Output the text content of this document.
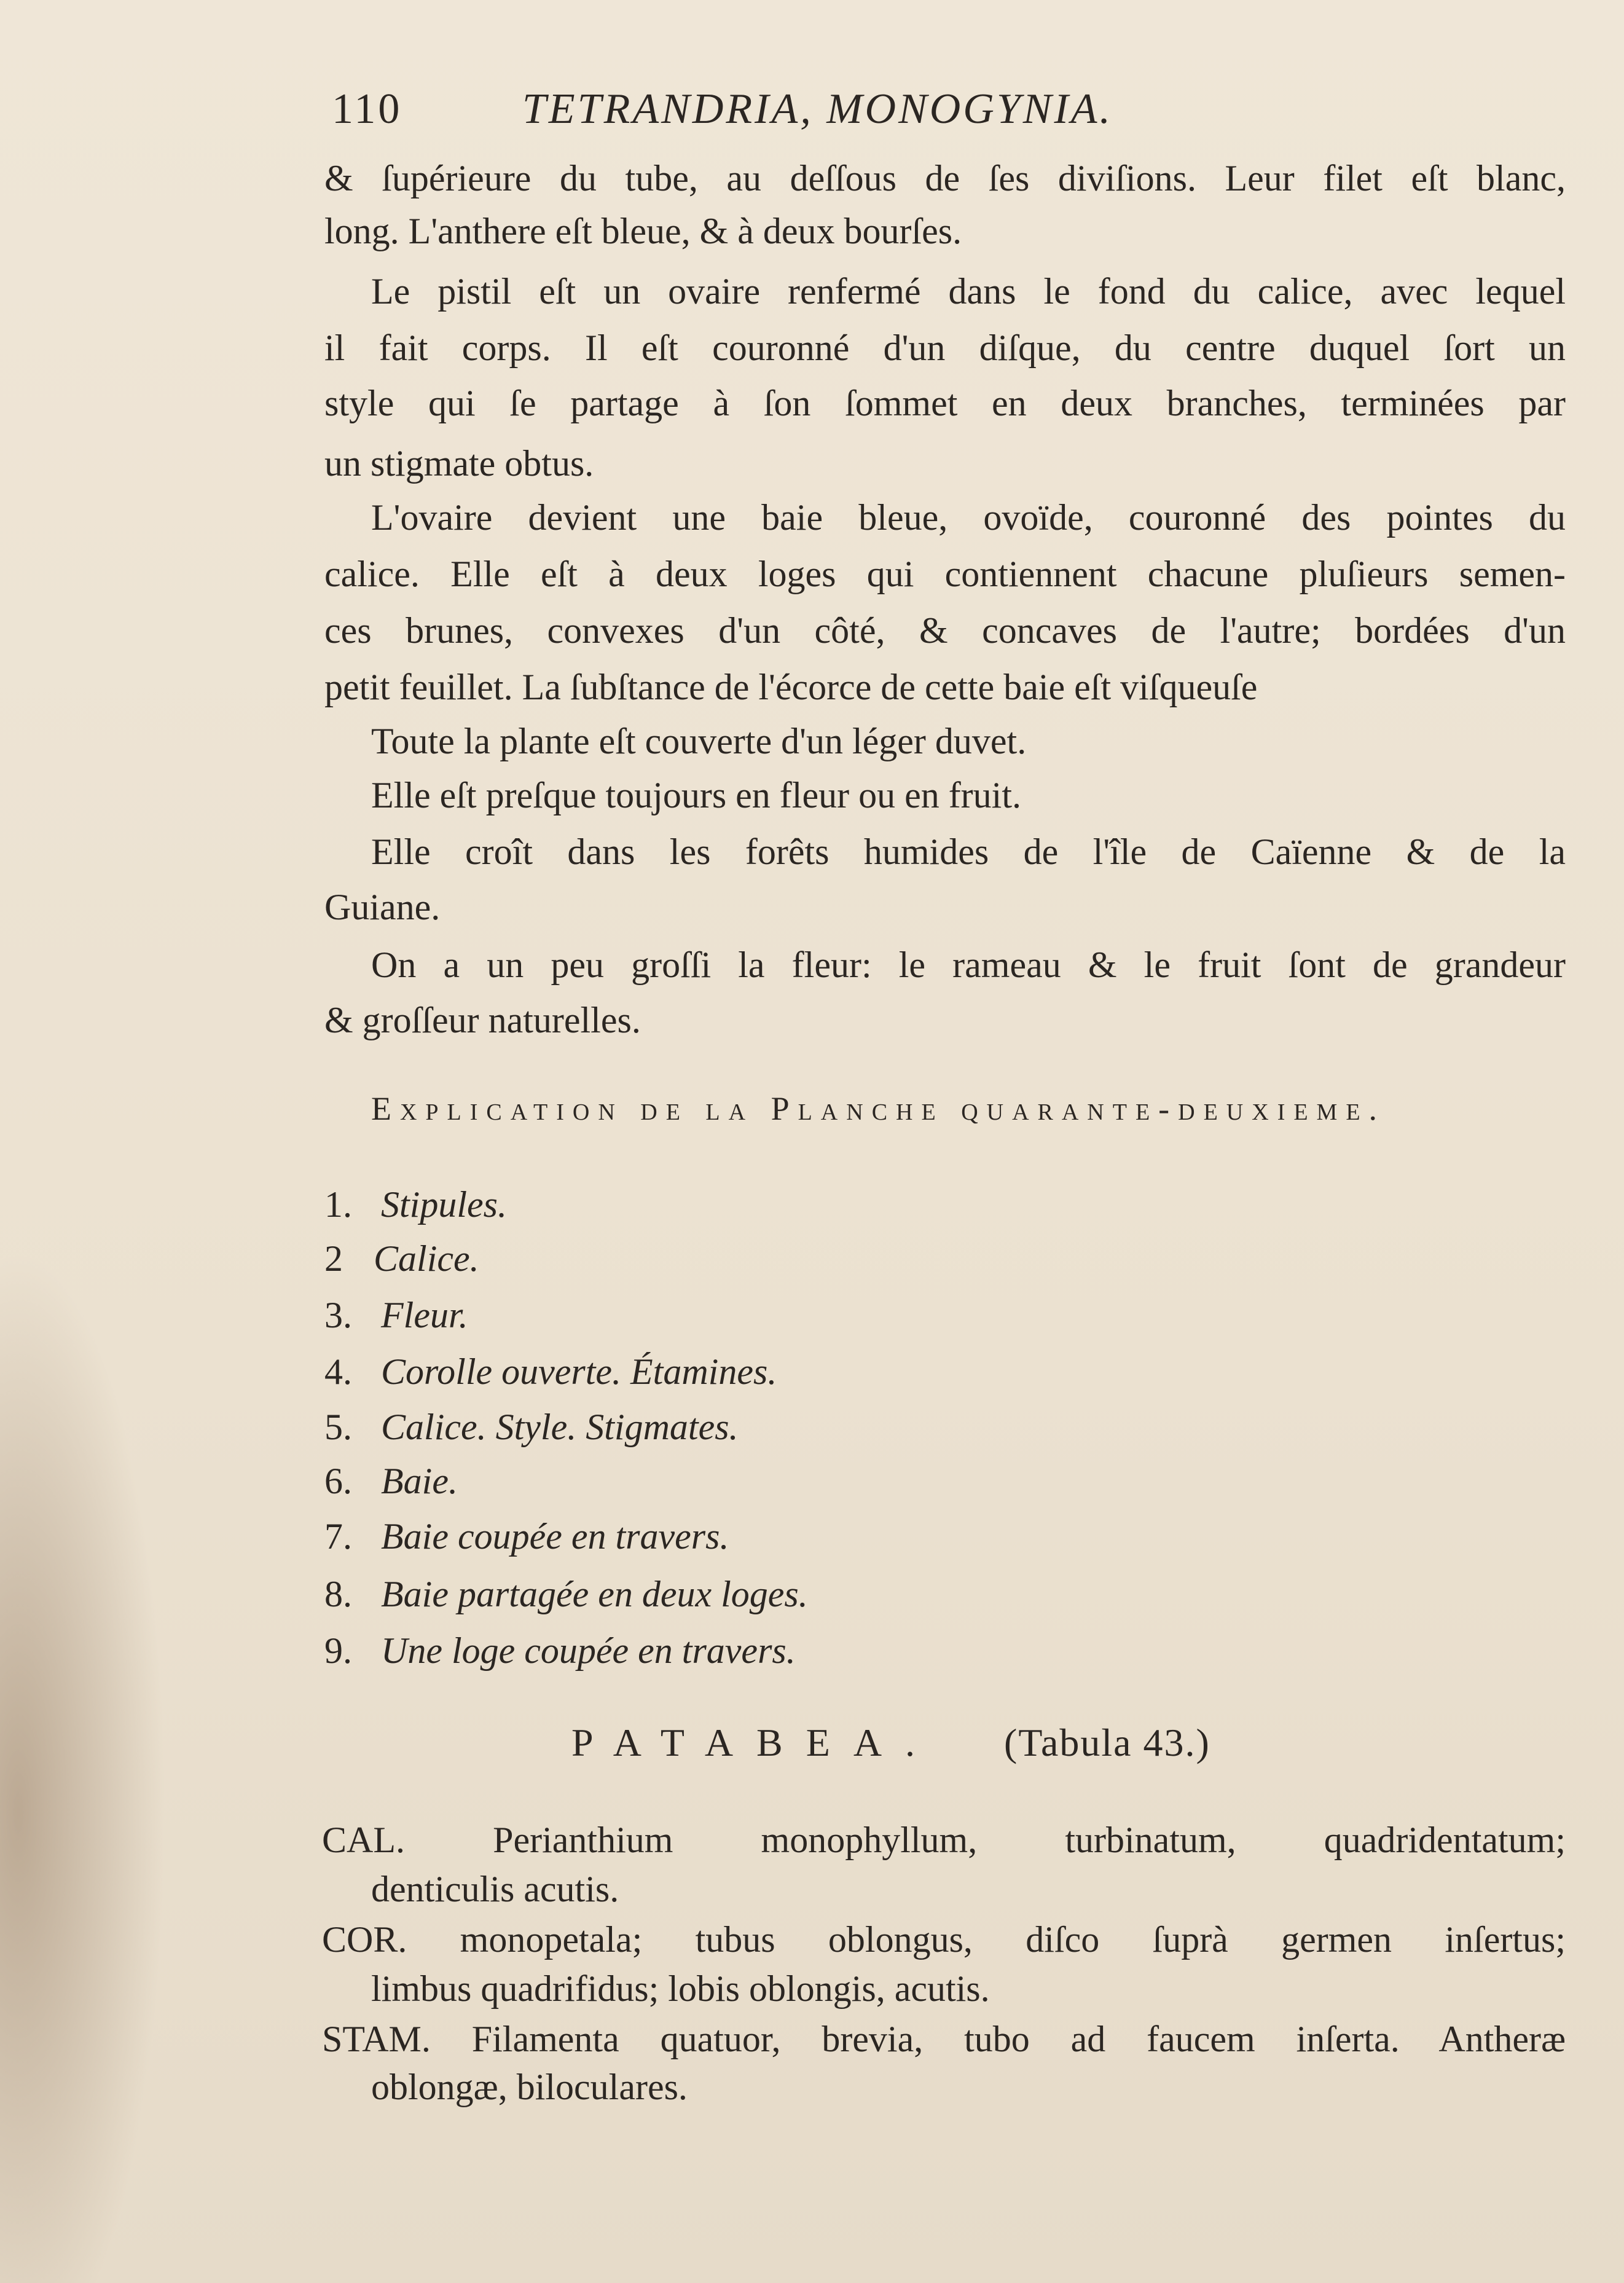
110	TETRANDRIA, MONOGYNIA.
& ſupérieure du tube, au deſſous de ſes diviſions. Leur filet eſt blanc,
long. L'anthere eſt bleue, & à deux bourſes.
Le pistil eſt un ovaire renfermé dans le fond du calice, avec lequel
il fait corps. Il eſt couronné d'un diſque, du centre duquel ſort un
style qui ſe partage à ſon ſommet en deux branches, terminées par
un stigmate obtus.
L'ovaire devient une baie bleue, ovoïde, couronné des pointes du
calice. Elle eſt à deux loges qui contiennent chacune pluſieurs semen-
ces brunes, convexes d'un côté, & concaves de l'autre; bordées d'un
petit feuillet. La ſubſtance de l'écorce de cette baie eſt viſqueuſe
Toute la plante eſt couverte d'un léger duvet.
Elle eſt preſque toujours en fleur ou en fruit.
Elle croît dans les forêts humides de l'île de Caïenne & de la
Guiane.
On a un peu groſſi la fleur: le rameau & le fruit ſont de grandeur
& groſſeur naturelles.
Explication de la Planche quarante-deuxieme.
1. Stipules.
2 Calice.
3. Fleur.
4. Corolle ouverte. Étamines.
5. Calice. Style. Stigmates.
6. Baie.
7. Baie coupée en travers.
8. Baie partagée en deux loges.
9. Une loge coupée en travers.
PATABEA. (Tabula 43.)
CAL. Perianthium monophyllum, turbinatum, quadridentatum;
denticulis acutis.
COR. monopetala; tubus oblongus, diſco ſuprà germen inſertus;
limbus quadrifidus; lobis oblongis, acutis.
STAM. Filamenta quatuor, brevia, tubo ad faucem inſerta. Antheræ
oblongæ, biloculares.
